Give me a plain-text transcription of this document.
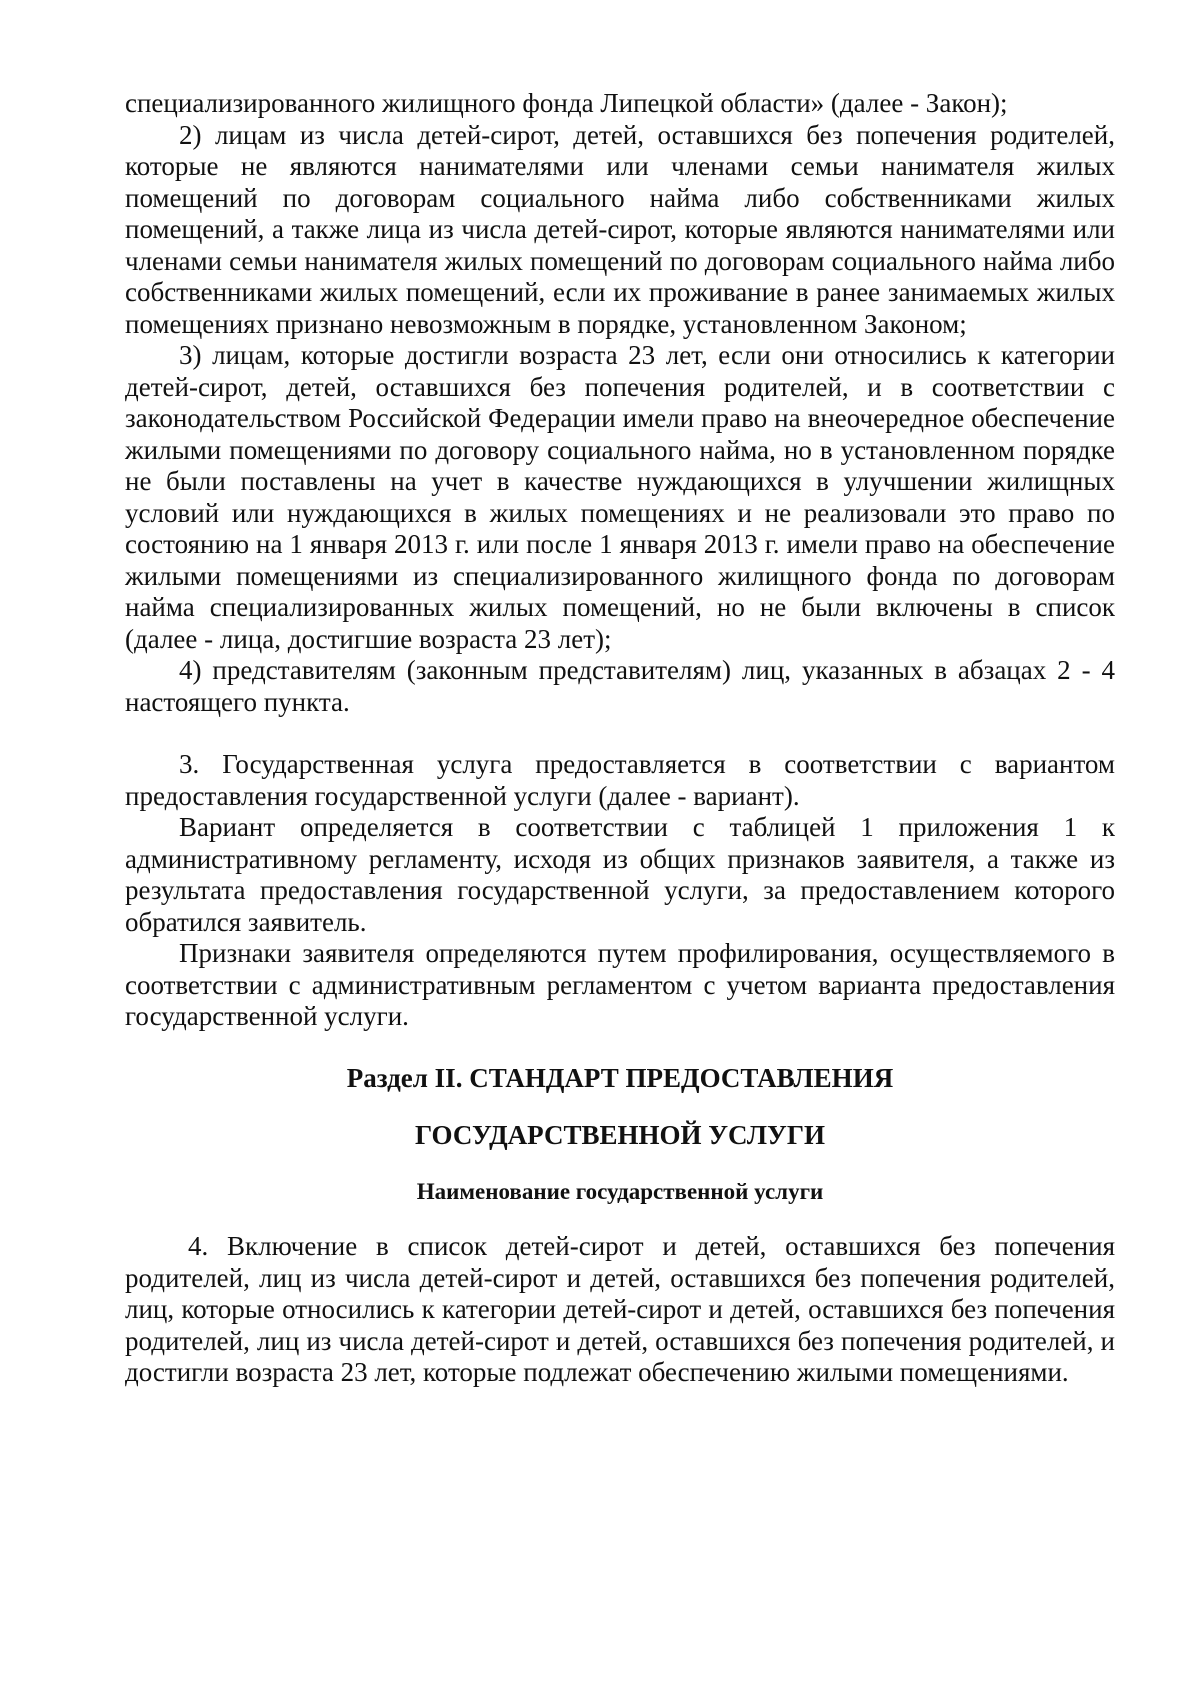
специализированного жилищного фонда Липецкой области» (далее - Закон);

2) лицам из числа детей-сирот, детей, оставшихся без попечения родителей, которые не являются нанимателями или членами семьи нанимателя жилых помещений по договорам социального найма либо собственниками жилых помещений, а также лица из числа детей-сирот, которые являются нанимателями или членами семьи нанимателя жилых помещений по договорам социального найма либо собственниками жилых помещений, если их проживание в ранее занимаемых жилых помещениях признано невозможным в порядке, установленном Законом;

3) лицам, которые достигли возраста 23 лет, если они относились к категории детей-сирот, детей, оставшихся без попечения родителей, и в соответствии с законодательством Российской Федерации имели право на внеочередное обеспечение жилыми помещениями по договору социального найма, но в установленном порядке не были поставлены на учет в качестве нуждающихся в улучшении жилищных условий или нуждающихся в жилых помещениях и не реализовали это право по состоянию на 1 января 2013 г. или после 1 января 2013 г. имели право на обеспечение жилыми помещениями из специализированного жилищного фонда по договорам найма специализированных жилых помещений, но не были включены в список (далее - лица, достигшие возраста 23 лет);

4) представителям (законным представителям) лиц, указанных в абзацах 2 - 4 настоящего пункта.

3. Государственная услуга предоставляется в соответствии с вариантом предоставления государственной услуги (далее - вариант).

Вариант определяется в соответствии с таблицей 1 приложения 1 к административному регламенту, исходя из общих признаков заявителя, а также из результата предоставления государственной услуги, за предоставлением которого обратился заявитель.

Признаки заявителя определяются путем профилирования, осуществляемого в соответствии с административным регламентом с учетом варианта предоставления государственной услуги.

Раздел II. СТАНДАРТ ПРЕДОСТАВЛЕНИЯ

ГОСУДАРСТВЕННОЙ УСЛУГИ

Наименование государственной услуги

4. Включение в список детей-сирот и детей, оставшихся без попечения родителей, лиц из числа детей-сирот и детей, оставшихся без попечения родителей, лиц, которые относились к категории детей-сирот и детей, оставшихся без попечения родителей, лиц из числа детей-сирот и детей, оставшихся без попечения родителей, и достигли возраста 23 лет, которые подлежат обеспечению жилыми помещениями.
